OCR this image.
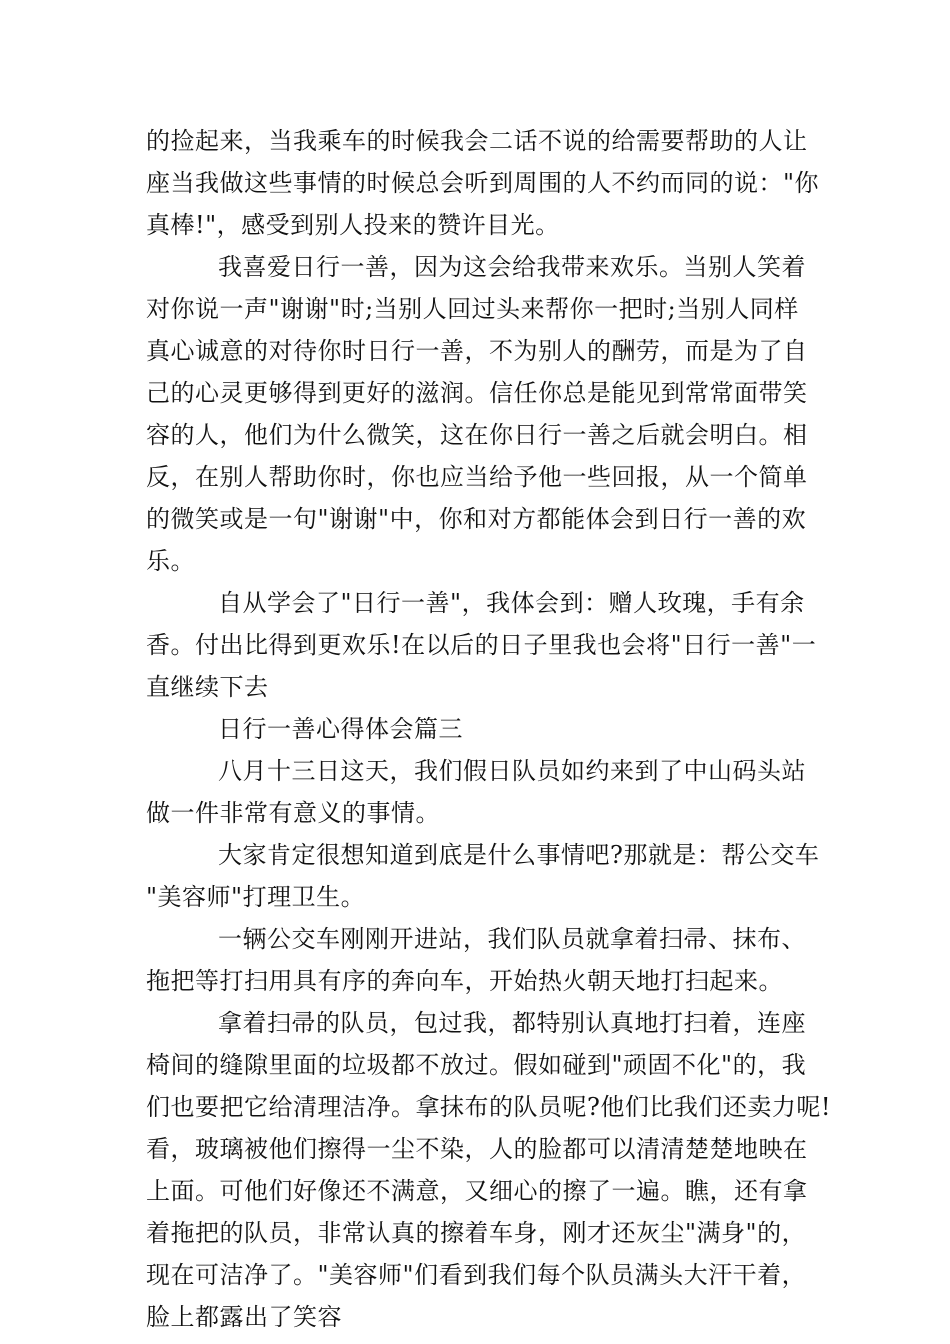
的捡起来，当我乘车的时候我会二话不说的给需要帮助的人让
座当我做这些事情的时候总会听到周围的人不约而同的说："你
真棒!"，感受到别人投来的赞许目光。
我喜爱日行一善，因为这会给我带来欢乐。当别人笑着
对你说一声"谢谢"时;当别人回过头来帮你一把时;当别人同样
真心诚意的对待你时日行一善，不为别人的酬劳，而是为了自
己的心灵更够得到更好的滋润。信任你总是能见到常常面带笑
容的人，他们为什么微笑，这在你日行一善之后就会明白。相
反，在别人帮助你时，你也应当给予他一些回报，从一个简单
的微笑或是一句"谢谢"中，你和对方都能体会到日行一善的欢
乐。
自从学会了"日行一善"，我体会到：赠人玫瑰，手有余
香。付出比得到更欢乐!在以后的日子里我也会将"日行一善"一
直继续下去
日行一善心得体会篇三
八月十三日这天，我们假日队员如约来到了中山码头站
做一件非常有意义的事情。
大家肯定很想知道到底是什么事情吧?那就是：帮公交车
"美容师"打理卫生。
一辆公交车刚刚开进站，我们队员就拿着扫帚、抹布、
拖把等打扫用具有序的奔向车，开始热火朝天地打扫起来。
拿着扫帚的队员，包过我，都特别认真地打扫着，连座
椅间的缝隙里面的垃圾都不放过。假如碰到"顽固不化"的，我
们也要把它给清理洁净。拿抹布的队员呢?他们比我们还卖力呢!
看，玻璃被他们擦得一尘不染，人的脸都可以清清楚楚地映在
上面。可他们好像还不满意，又细心的擦了一遍。瞧，还有拿
着拖把的队员，非常认真的擦着车身，刚才还灰尘"满身"的，
现在可洁净了。"美容师"们看到我们每个队员满头大汗干着，
脸上都露出了笑容
